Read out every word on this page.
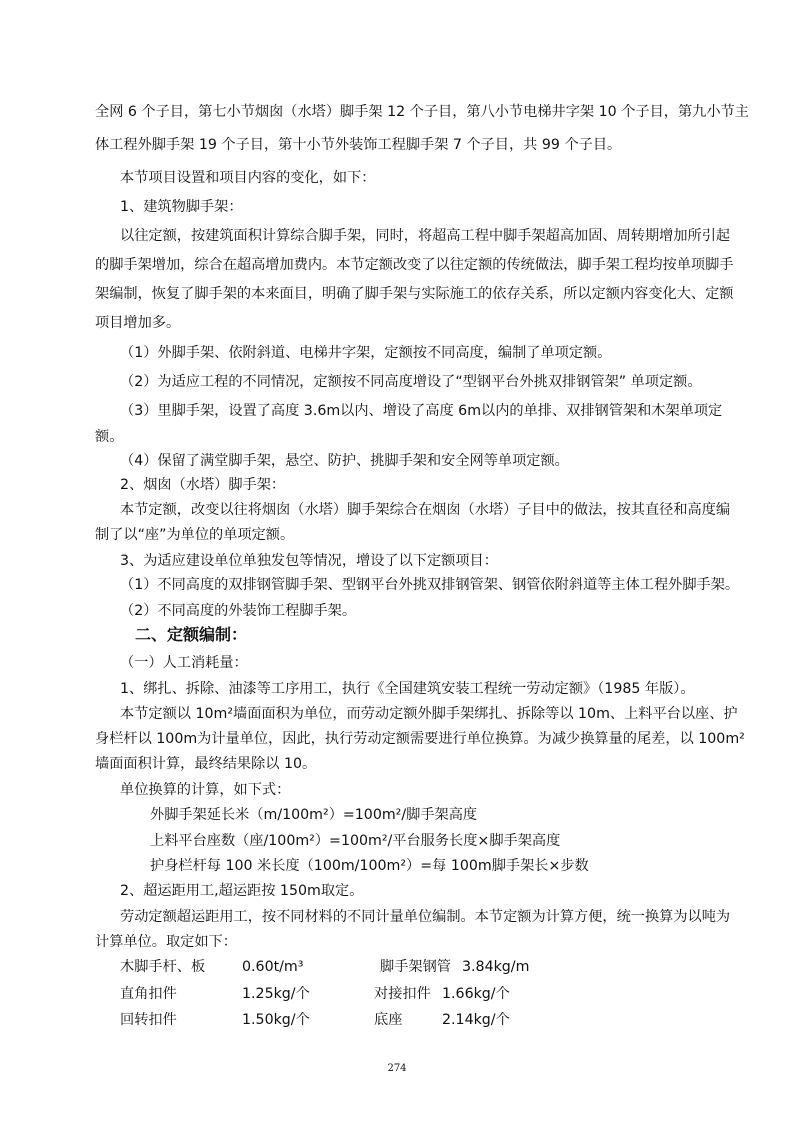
全网 6 个子目，第七小节烟囱（水塔）脚手架 12 个子目，第八小节电梯井字架 10 个子目，第九小节主
体工程外脚手架 19 个子目，第十小节外装饰工程脚手架 7 个子目，共 99 个子目。
本节项目设置和项目内容的变化，如下：
1、建筑物脚手架：
以往定额，按建筑面积计算综合脚手架，同时，将超高工程中脚手架超高加固、周转期增加所引起
的脚手架增加，综合在超高增加费内。本节定额改变了以往定额的传统做法，脚手架工程均按单项脚手
架编制，恢复了脚手架的本来面目，明确了脚手架与实际施工的依存关系，所以定额内容变化大、定额
项目增加多。
（1）外脚手架、依附斜道、电梯井字架，定额按不同高度，编制了单项定额。
（2）为适应工程的不同情况，定额按不同高度增设了“型钢平台外挑双排钢管架” 单项定额。
（3）里脚手架，设置了高度 3.6m以内、增设了高度 6m以内的单排、双排钢管架和木架单项定
额。
（4）保留了满堂脚手架，悬空、防护、挑脚手架和安全网等单项定额。
2、烟囱（水塔）脚手架：
本节定额，改变以往将烟囱（水塔）脚手架综合在烟囱（水塔）子目中的做法，按其直径和高度编
制了以“座”为单位的单项定额。
3、为适应建设单位单独发包等情况，增设了以下定额项目：
（1）不同高度的双排钢管脚手架、型钢平台外挑双排钢管架、钢管依附斜道等主体工程外脚手架。
（2）不同高度的外装饰工程脚手架。
二、定额编制：
（一）人工消耗量：
1、绑扎、拆除、油漆等工序用工，执行《全国建筑安装工程统一劳动定额》（1985 年版）。
本节定额以 10m²墙面面积为单位，而劳动定额外脚手架绑扎、拆除等以 10m、上料平台以座、护
身栏杆以 100m为计量单位，因此，执行劳动定额需要进行单位换算。为减少换算量的尾差，以 100m²
墙面面积计算，最终结果除以 10。
单位换算的计算，如下式：
外脚手架延长米（m/100m²）=100m²/脚手架高度
上料平台座数（座/100m²）=100m²/平台服务长度×脚手架高度
护身栏杆每 100 米长度（100m/100m²）=每 100m脚手架长×步数
2、超运距用工,超运距按 150m取定。
劳动定额超运距用工，按不同材料的不同计量单位编制。本节定额为计算方便，统一换算为以吨为
计算单位。取定如下：
木脚手杆、板	0.60t/m³	脚手架钢管 3.84kg/m
直角扣件	1.25kg/个	对接扣件 1.66kg/个
回转扣件	1.50kg/个	底座	2.14kg/个
274
